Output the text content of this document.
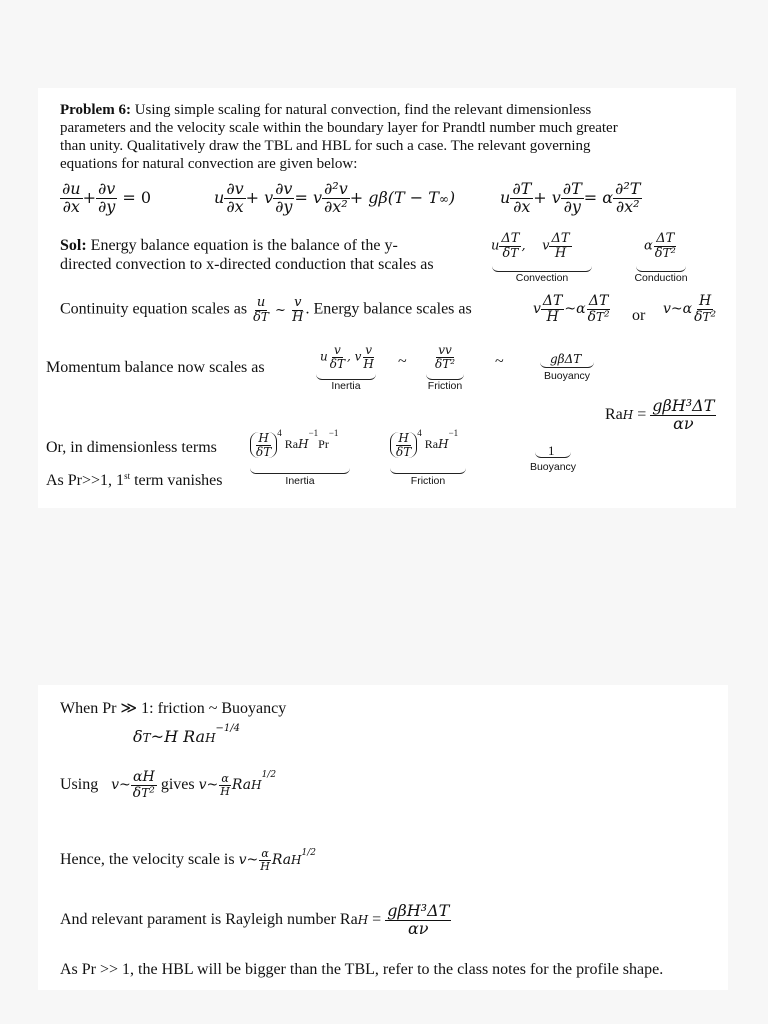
Problem 6: Using simple scaling for natural convection, find the relevant dimensionless
parameters and the velocity scale within the boundary layer for Prandtl number much greater
than unity. Qualitatively draw the TBL and HBL for such a case. The relevant governing
equations for natural convection are given below:
$\frac{\partial u}{\partial x} + \frac{\partial v}{\partial y} = 0$	u $\frac{\partial v}{\partial x} + v \frac{\partial v}{\partial y} = v \frac{\text{∂²v}}{\text{∂x²}} + g\beta(T - T\infty)$	u $\frac{\partial T}{\partial x} + v \frac{\partial T}{\partial y} = \alpha \frac{\text{∂²T}}{\text{∂x²}}$
Sol: Energy balance equation is the balance of the y-
directed convection to x-directed conduction that scales as
u $\frac{\Delta T}{\delta T}$ ,    v $\frac{\Delta T}{H}$
Convection
α $\frac{\Delta T}{\text{δT²}}$
Conduction
Continuity equation scales as $\frac{u}{\delta T}$ ~ $\frac{v}{H}$ . Energy balance scales as	v $\frac{\Delta T}{H}$ ~α $\frac{\Delta T}{\text{δT²}}$ or v~α $\frac{H}{\text{δT²}}$
Momentum balance now scales as
u $\frac{v}{\delta T}$ , v $\frac{v}{H}$
Inertia
~ $\frac{vv}{\text{δT²}}$
Friction
~	gβΔT
Buoyancy
RaH = $\frac{\text{gβH³ΔT}}{\alpha\nu}$
Or, in dimensionless terms
As Pr>>1, 1st term vanishes
$\frac{H}{\delta T} ^4$ $RaH^{-1}Pr^{-1}$
Inertia
$\frac{H}{\delta T} ^4$ RaH$^{-1}$
Friction
1
Buoyancy
When Pr ≫ 1: friction ~ Buoyancy
δT~H RaH$^{-1/4}$
Using   v~ $\frac{\alpha H}{\text{δT²}}$ gives v~ $\frac{\alpha}{H} RaH^{1/2}$
Hence, the velocity scale is v~ $\frac{\alpha}{H} RaH^{1/2}$
And relevant parament is Rayleigh number RaH = $\frac{\text{gβH³ΔT}}{\alpha\nu}$
As Pr >> 1, the HBL will be bigger than the TBL, refer to the class notes for the profile shape.
